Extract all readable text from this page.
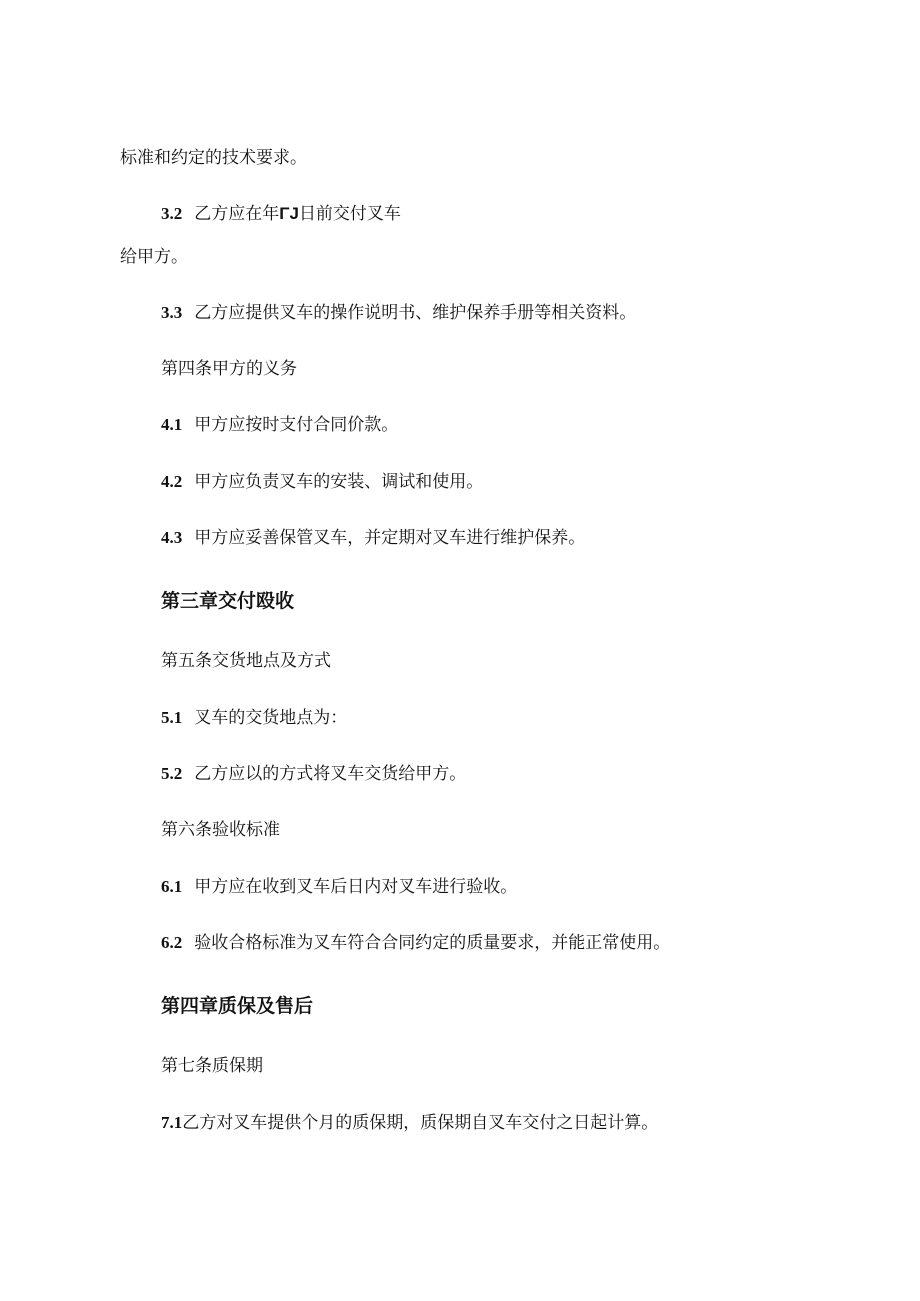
标准和约定的技术要求。
3.2 乙方应在年ΓJ日前交付叉车
给甲方。
3.3 乙方应提供叉车的操作说明书、维护保养手册等相关资料。
第四条甲方的义务
4.1 甲方应按时支付合同价款。
4.2 甲方应负责叉车的安装、调试和使用。
4.3 甲方应妥善保管叉车，并定期对叉车进行维护保养。
第三章交付殴收
第五条交货地点及方式
5.1 叉车的交货地点为：
5.2 乙方应以的方式将叉车交货给甲方。
第六条验收标准
6.1 甲方应在收到叉车后日内对叉车进行验收。
6.2 验收合格标准为叉车符合合同约定的质量要求，并能正常使用。
第四章质保及售后
第七条质保期
7.1乙方对叉车提供个月的质保期，质保期自叉车交付之日起计算。
